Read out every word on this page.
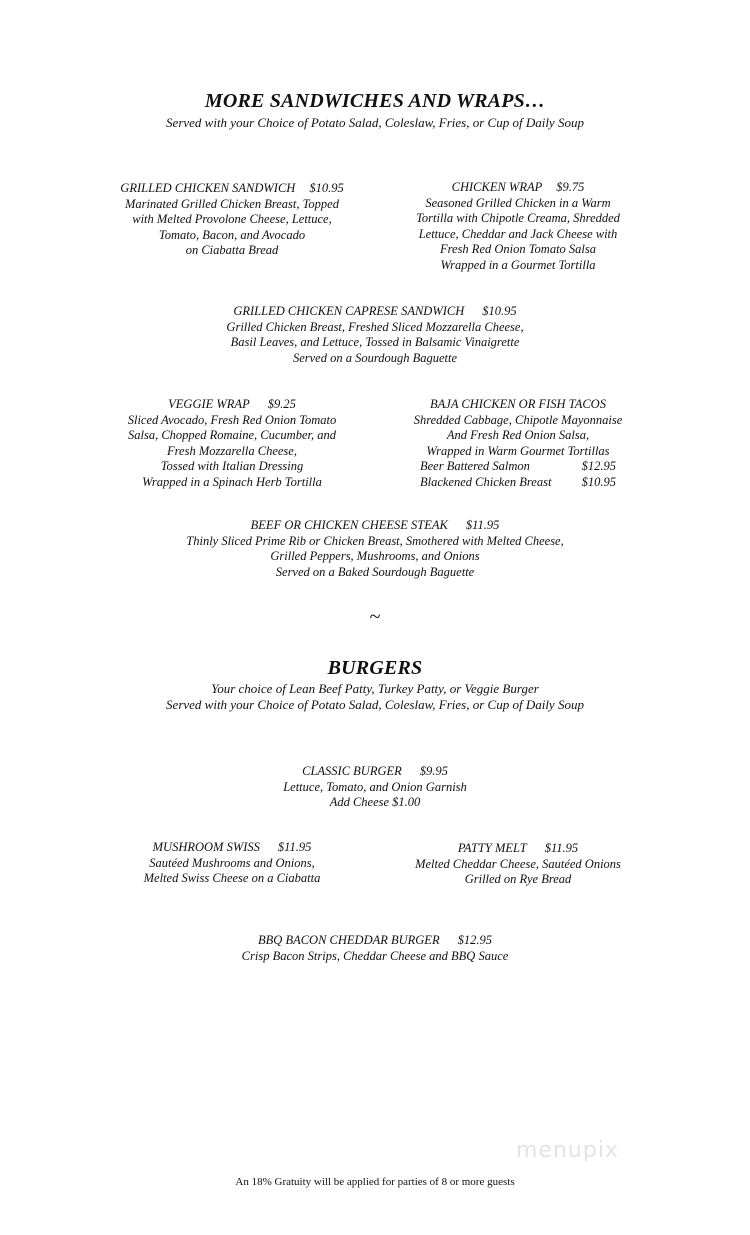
MORE SANDWICHES AND WRAPS…
Served with your Choice of Potato Salad, Coleslaw, Fries, or Cup of Daily Soup
GRILLED CHICKEN SANDWICH $10.95
Marinated Grilled Chicken Breast, Topped
with Melted Provolone Cheese, Lettuce,
Tomato, Bacon, and Avocado
on Ciabatta Bread
CHICKEN WRAP $9.75
Seasoned Grilled Chicken in a Warm
Tortilla with Chipotle Creama, Shredded
Lettuce, Cheddar and Jack Cheese with
Fresh Red Onion Tomato Salsa
Wrapped in a Gourmet Tortilla
GRILLED CHICKEN CAPRESE SANDWICH $10.95
Grilled Chicken Breast, Freshed Sliced Mozzarella Cheese,
Basil Leaves, and Lettuce, Tossed in Balsamic Vinaigrette
Served on a Sourdough Baguette
VEGGIE WRAP $9.25
Sliced Avocado, Fresh Red Onion Tomato
Salsa, Chopped Romaine, Cucumber, and
Fresh Mozzarella Cheese,
Tossed with Italian Dressing
Wrapped in a Spinach Herb Tortilla
BAJA CHICKEN OR FISH TACOS
Shredded Cabbage, Chipotle Mayonnaise
And Fresh Red Onion Salsa,
Wrapped in Warm Gourmet Tortillas
Beer Battered Salmon	$12.95
Blackened Chicken Breast $10.95
BEEF OR CHICKEN CHEESE STEAK $11.95
Thinly Sliced Prime Rib or Chicken Breast, Smothered with Melted Cheese,
Grilled Peppers, Mushrooms, and Onions
Served on a Baked Sourdough Baguette
~
BURGERS
Your choice of Lean Beef Patty, Turkey Patty, or Veggie Burger
Served with your Choice of Potato Salad, Coleslaw, Fries, or Cup of Daily Soup
CLASSIC BURGER $9.95
Lettuce, Tomato, and Onion Garnish
Add Cheese $1.00
MUSHROOM SWISS $11.95
Sautéed Mushrooms and Onions,
Melted Swiss Cheese on a Ciabatta
PATTY MELT $11.95
Melted Cheddar Cheese, Sautéed Onions
Grilled on Rye Bread
BBQ BACON CHEDDAR BURGER $12.95
Crisp Bacon Strips, Cheddar Cheese and BBQ Sauce
menupix
An 18% Gratuity will be applied for parties of 8 or more guests
